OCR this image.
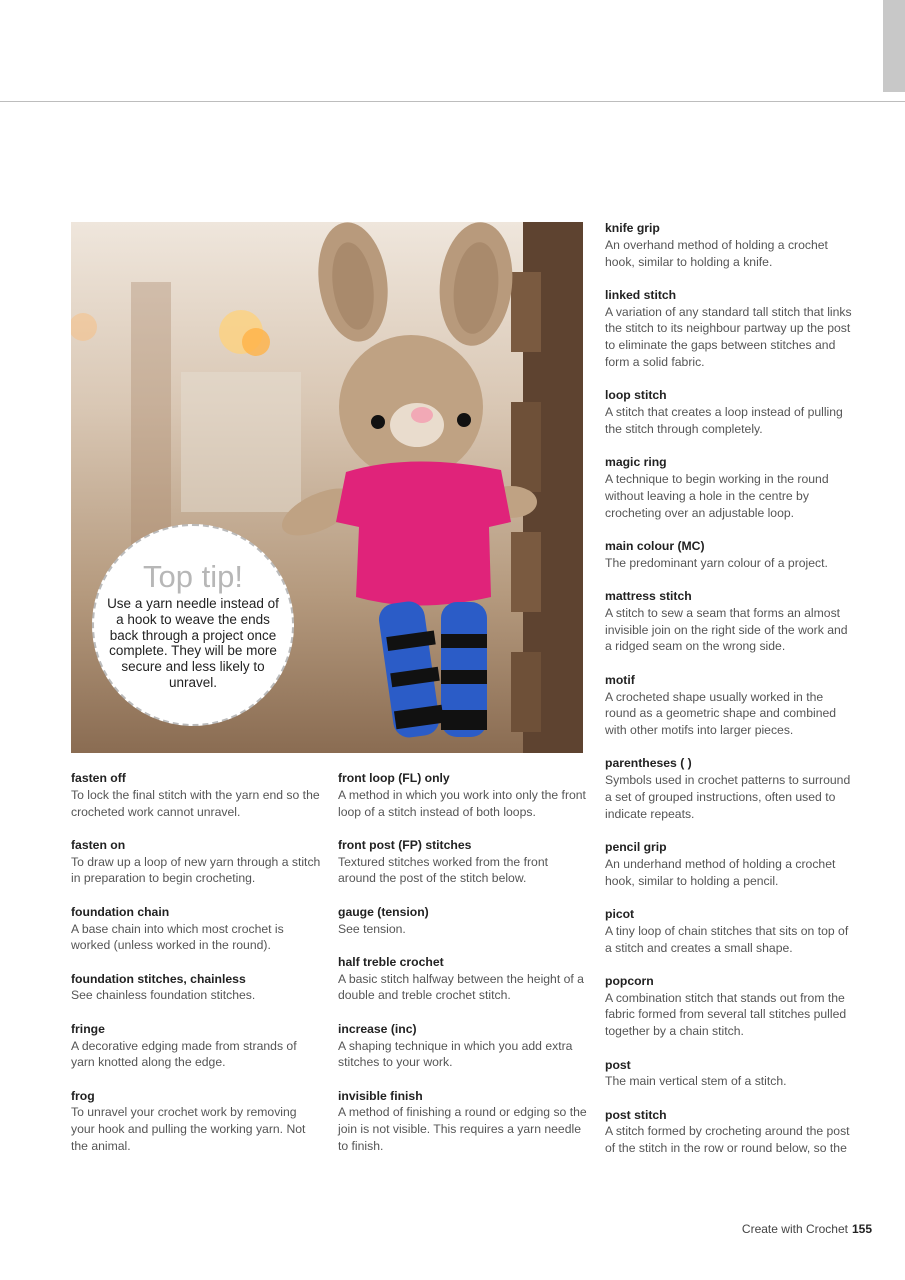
Top tip!
Use a yarn needle instead of a hook to weave the ends back through a project once complete. They will be more secure and less likely to unravel.
fasten off
To lock the final stitch with the yarn end so the crocheted work cannot unravel.
fasten on
To draw up a loop of new yarn through a stitch in preparation to begin crocheting.
foundation chain
A base chain into which most crochet is worked (unless worked in the round).
foundation stitches, chainless
See chainless foundation stitches.
fringe
A decorative edging made from strands of yarn knotted along the edge.
frog
To unravel your crochet work by removing your hook and pulling the working yarn. Not the animal.
front loop (FL) only
A method in which you work into only the front loop of a stitch instead of both loops.
front post (FP) stitches
Textured stitches worked from the front around the post of the stitch below.
gauge (tension)
See tension.
half treble crochet
A basic stitch halfway between the height of a double and treble crochet stitch.
increase (inc)
A shaping technique in which you add extra stitches to your work.
invisible finish
A method of finishing a round or edging so the join is not visible. This requires a yarn needle to finish.
knife grip
An overhand method of holding a crochet hook, similar to holding a knife.
linked stitch
A variation of any standard tall stitch that links the stitch to its neighbour partway up the post to eliminate the gaps between stitches and form a solid fabric.
loop stitch
A stitch that creates a loop instead of pulling the stitch through completely.
magic ring
A technique to begin working in the round without leaving a hole in the centre by crocheting over an adjustable loop.
main colour (MC)
The predominant yarn colour of a project.
mattress stitch
A stitch to sew a seam that forms an almost invisible join on the right side of the work and a ridged seam on the wrong side.
motif
A crocheted shape usually worked in the round as a geometric shape and combined with other motifs into larger pieces.
parentheses ( )
Symbols used in crochet patterns to surround a set of grouped instructions, often used to indicate repeats.
pencil grip
An underhand method of holding a crochet hook, similar to holding a pencil.
picot
A tiny loop of chain stitches that sits on top of a stitch and creates a small shape.
popcorn
A combination stitch that stands out from the fabric formed from several tall stitches pulled together by a chain stitch.
post
The main vertical stem of a stitch.
post stitch
A stitch formed by crocheting around the post of the stitch in the row or round below, so the
Create with Crochet 155
